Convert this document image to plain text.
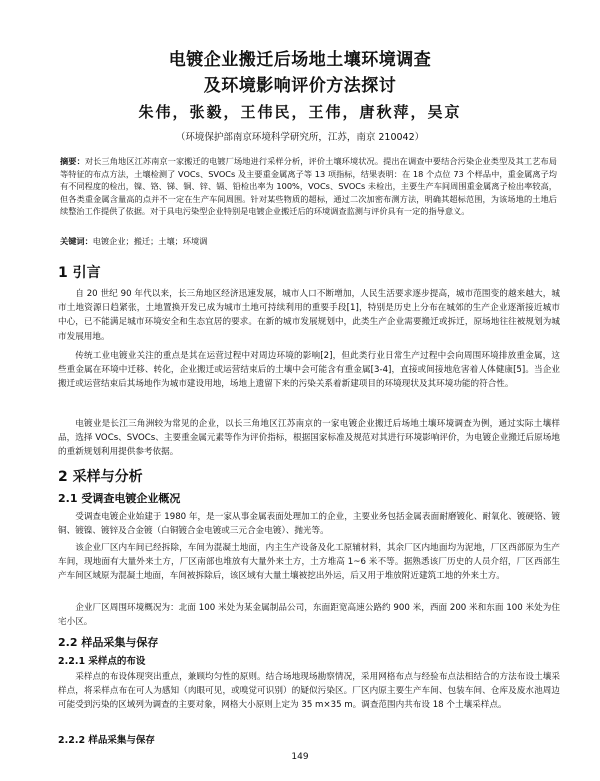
电镀企业搬迁后场地土壤环境调查
及环境影响评价方法探讨
朱伟，张毅，王伟民，王伟，唐秋萍，吴京
（环境保护部南京环境科学研究所，江苏，南京 210042）
摘要：对长三角地区江苏南京一家搬迁的电镀厂场地进行采样分析，评价土壤环境状况。提出在调查中要结合污染企业类型及其工艺布局等特征的布点方法，土壤检测了 VOCs、SVOCs 及主要重金属离子等 13 项指标，结果表明：在 18 个点位 73 个样品中，重金属离子均有不同程度的检出，镍、铬、锑、铜、锌、镉、铅检出率为 100%，VOCs、SVOCs 未检出，主要生产车间周围重金属离子检出率较高，但各类重金属含量高的点并不一定在生产车间周围。针对某些物质的超标，通过二次加密布测方法，明确其超标范围，为该场地的土地后续整治工作提供了依据。对于具电污染型企业特别是电镀企业搬迁后的环境调查监测与评价具有一定的指导意义。
关键词：电镀企业；搬迁；土壤；环境调
1 引言
自 20 世纪 90 年代以来，长三角地区经济迅速发展，城市人口不断增加，人民生活要求逐步提高，城市范围变的越来越大，城市土地资源日趋紧张，土地置换开发已成为城市土地可持续利用的重要手段[1]，特别是历史上分布在城郊的生产企业逐渐接近城市中心，已不能满足城市环境安全和生态宜居的要求。在新的城市发展规划中，此类生产企业需要搬迁或拆迁，原场地往往被规划为城市发展用地。
传统工业电镀业关注的重点是其在运营过程中对周边环境的影响[2]，但此类行业日常生产过程中会向周围环境排放重金属，这些重金属在环境中迁移、转化，企业搬迁或运营结束后的土壤中会可能含有重金属[3-4]，直接或间接地危害着人体健康[5]。当企业搬迁或运营结束后其场地作为城市建设用地，场地上遗留下来的污染关系着新建项目的环境现状及其环境功能的符合性。
电镀业是长江三角洲较为常见的企业，以长三角地区江苏南京的一家电镀企业搬迁后场地土壤环境调查为例，通过实际土壤样品，选择 VOCs、SVOCs、主要重金属元素等作为评价指标，根据国家标准及规范对其进行环境影响评价，为电镀企业搬迁后原场地的重新规划利用提供参考依据。
2 采样与分析
2.1 受调查电镀企业概况
受调查电镀企业始建于 1980 年，是一家从事金属表面处理加工的企业，主要业务包括金属表面耐磨镀化、耐氧化、镀硬铬、镀铜、镀镍、镀锌及合金镀（白铜镀合金电镀或三元合金电镀）、抛光等。
该企业厂区内车间已经拆除，车间为混凝土地面，内主生产设备及化工原辅材料，其余厂区内地面均为泥地，厂区西部原为生产车间，现地面有大量外来土方，厂区南部也堆放有大量外来土方，土方堆高 1~6 米不等。据熟悉该厂历史的人员介绍，厂区西部生产车间区域原为混凝土地面，车间被拆除后，该区域有大量土壤被挖出外运，后又用于堆放附近建筑工地的外来土方。
企业厂区周围环境概况为：北面 100 米处为某金属制品公司，东面距宽高速公路约 900 米，西面 200 米和东面 100 米处为住宅小区。
2.2 样品采集与保存
2.2.1 采样点的布设
采样点的布设体现突出重点，兼顾均匀性的原则。结合场地现场勘察情况，采用网格布点与经验布点法相结合的方法布设土壤采样点，将采样点布在可人为感知（肉眼可见，或嗅觉可识别）的疑似污染区。厂区内原主要生产车间、包装车间、仓库及废水池周边可能受到污染的区域列为调查的主要对象，网格大小原则上定为 35 m×35 m。调查范围内共布设 18 个土壤采样点。
2.2.2 样品采集与保存
149
